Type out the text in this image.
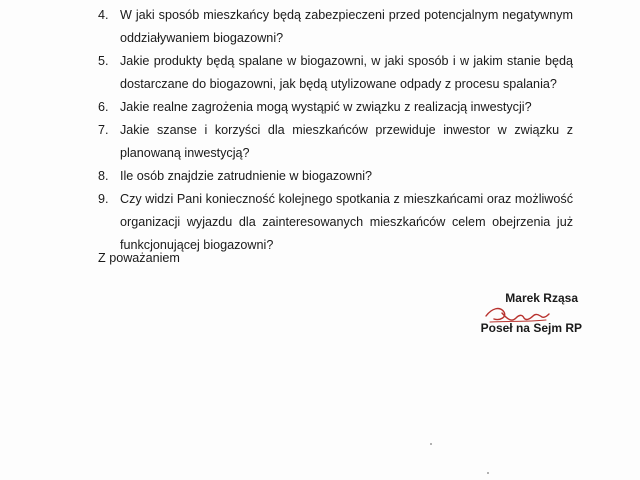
4. W jaki sposób mieszkańcy będą zabezpieczeni przed potencjalnym negatywnym oddziaływaniem biogazowni?
5. Jakie produkty będą spalane w biogazowni, w jaki sposób i w jakim stanie będą dostarczane do biogazowni, jak będą utylizowane odpady z procesu spalania?
6. Jakie realne zagrożenia mogą wystąpić w związku z realizacją inwestycji?
7. Jakie szanse i korzyści dla mieszkańców przewiduje inwestor w związku z planowaną inwestycją?
8. Ile osób znajdzie zatrudnienie w biogazowni?
9. Czy widzi Pani konieczność kolejnego spotkania z mieszkańcami oraz możliwość organizacji wyjazdu dla zainteresowanych mieszkańców celem obejrzenia już funkcjonującej biogazowni?

Z poważaniem

Marek Rząsa
Poseł na Sejm RP
